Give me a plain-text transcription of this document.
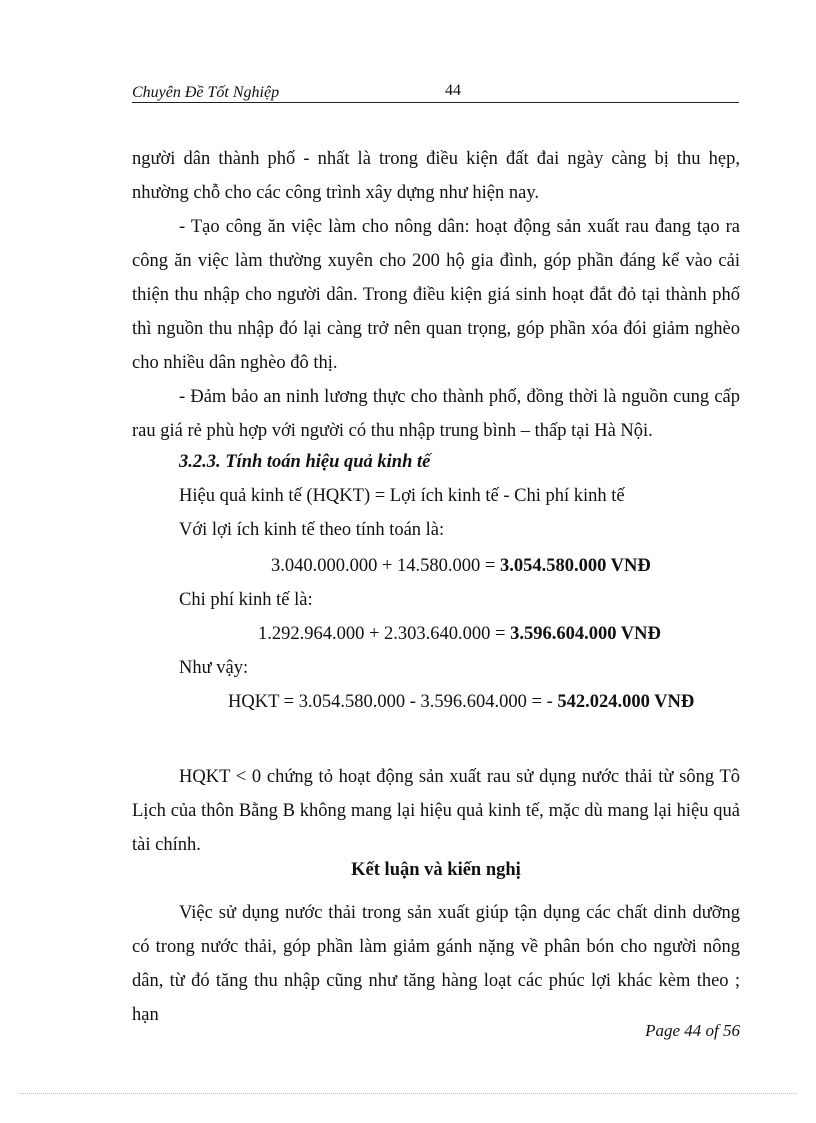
Chuyên Đề Tốt Nghiệp	44

người dân thành phố - nhất là trong điều kiện đất đai ngày càng bị thu hẹp, nhường chỗ cho các công trình xây dựng như hiện nay.

- Tạo công ăn việc làm cho nông dân: hoạt động sản xuất rau đang tạo ra công ăn việc làm thường xuyên cho 200 hộ gia đình, góp phần đáng kể vào cải thiện thu nhập cho người dân. Trong điều kiện giá sinh hoạt đắt đỏ tại thành phố thì nguồn thu nhập đó lại càng trở nên quan trọng, góp phần xóa đói giảm nghèo cho nhiều dân nghèo đô thị.

- Đảm bảo an ninh lương thực cho thành phố, đồng thời là nguồn cung cấp rau giá rẻ phù hợp với người có thu nhập trung bình – thấp tại Hà Nội.

3.2.3. Tính toán hiệu quả kinh tế
Hiệu quả kinh tế (HQKT) = Lợi ích kinh tế - Chi phí kinh tế
Với lợi ích kinh tế theo tính toán là:
3.040.000.000 + 14.580.000 = 3.054.580.000 VNĐ
Chi phí kinh tế là:
1.292.964.000 + 2.303.640.000 = 3.596.604.000 VNĐ
Như vậy:
HQKT = 3.054.580.000 - 3.596.604.000 = - 542.024.000 VNĐ

HQKT < 0 chứng tỏ hoạt động sản xuất rau sử dụng nước thải từ sông Tô Lịch của thôn Bằng B không mang lại hiệu quả kinh tế, mặc dù mang lại hiệu quả tài chính.

Kết luận và kiến nghị

Việc sử dụng nước thải trong sản xuất giúp tận dụng các chất dinh dưỡng có trong nước thải, góp phần làm giảm gánh nặng về phân bón cho người nông dân, từ đó tăng thu nhập cũng như tăng hàng loạt các phúc lợi khác kèm theo ; hạn

Page 44 of 56
